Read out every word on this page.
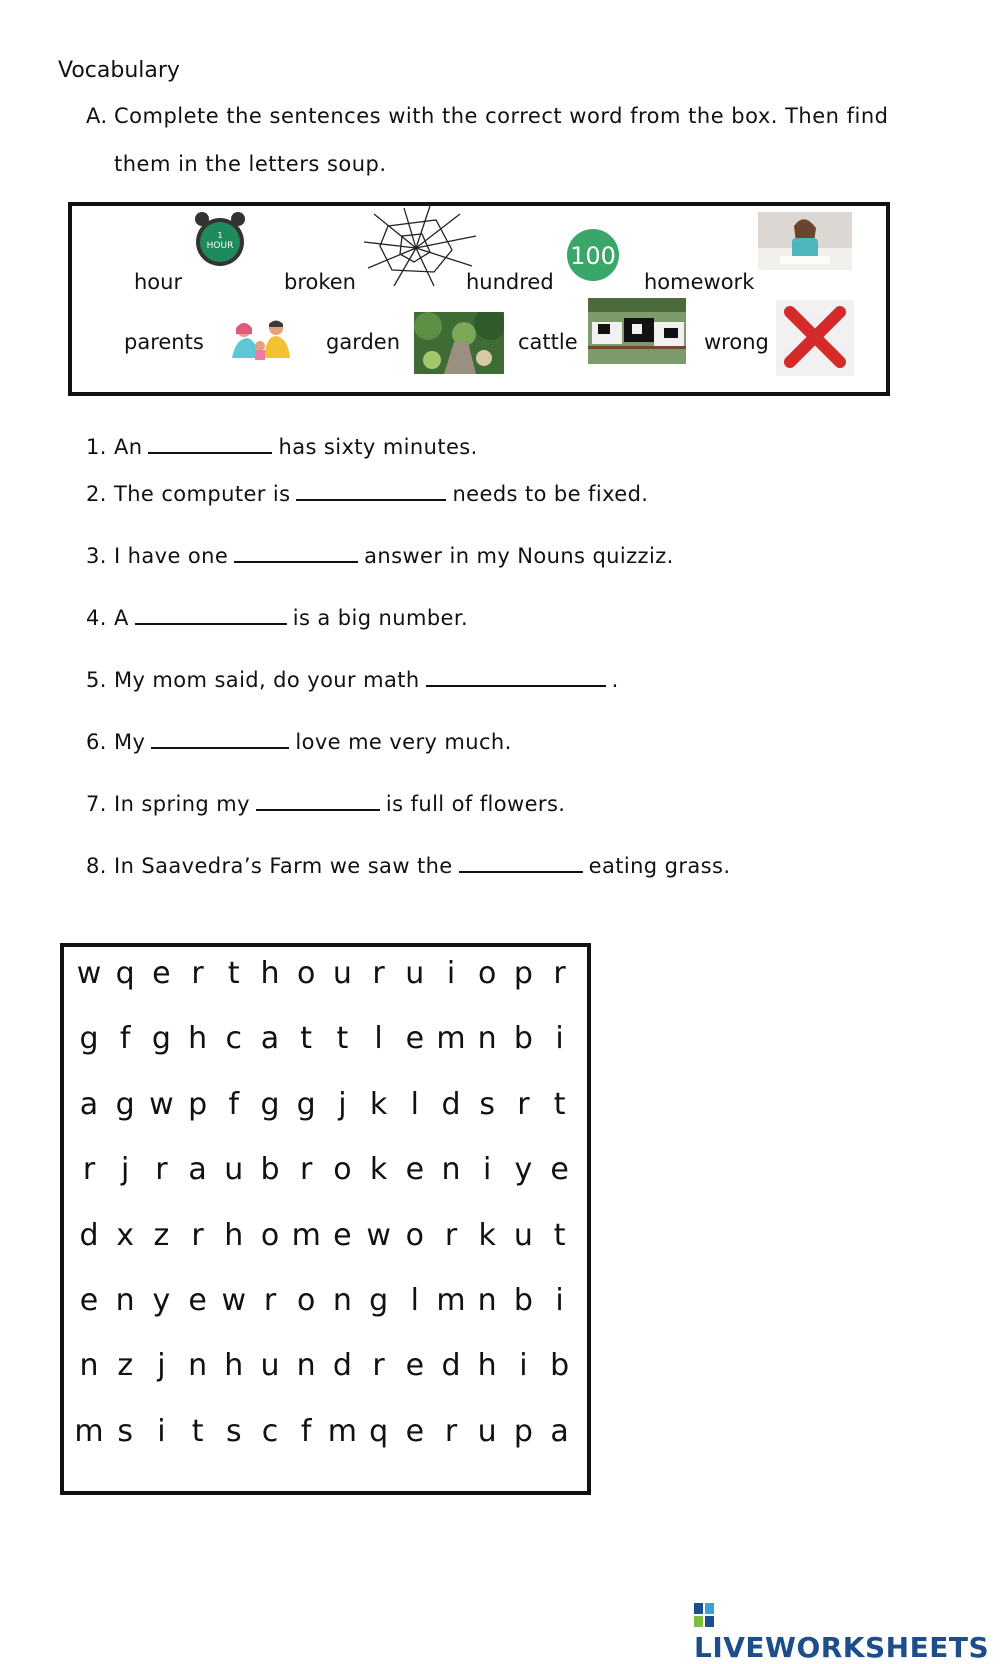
Vocabulary
A. Complete the sentences with the correct word from the box. Then find
them in the letters soup.
hour
1
HOUR
broken	hundred
100
homework
parents	garden	cattle	wrong
1. An	has sixty minutes.
2. The computer is	needs to be fixed.
3. I have one	answer in my Nouns quizziz.
4. A	is a big number.
5. My mom said, do your math	.
6. My	love me very much.
7. In spring my	is full of flowers.
8. In Saavedra’s Farm we saw the	eating grass.
w q e r t h o u r u i o p r
g f g h c a t t l e m n b i
a g w p f g g j k l d s r t
r j r a u b r o k e n i y e
d x z r h o m e w o r k u t
e n y e w r o n g l m n b i
n z j n h u n d r e d h i b
m s i t s c f m q e r u p a
LIVEWORKSHEETS
